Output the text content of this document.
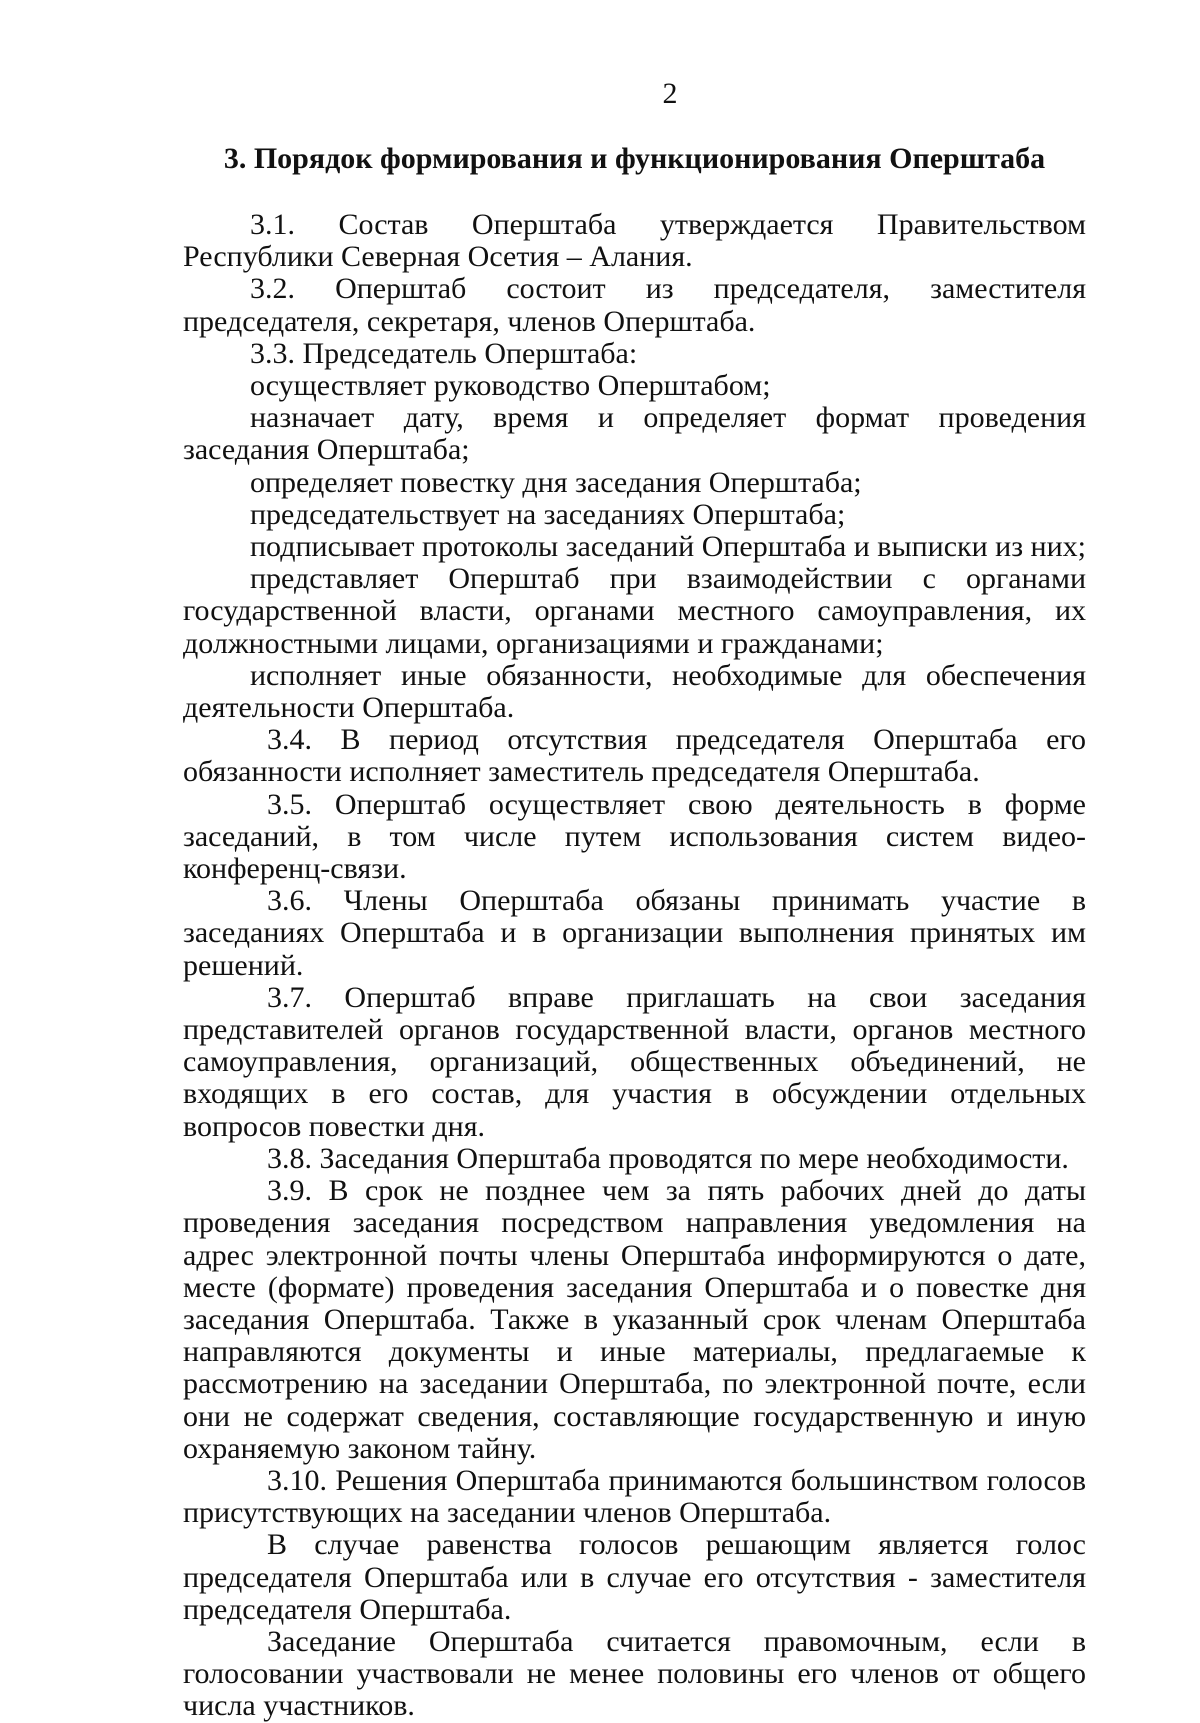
2
3. Порядок формирования и функционирования Оперштаба

3.1. Состав Оперштаба утверждается Правительством Республики Северная Осетия – Алания.

3.2. Оперштаб состоит из председателя, заместителя председателя, секретаря, членов Оперштаба.

3.3. Председатель Оперштаба:

осуществляет руководство Оперштабом;

назначает дату, время и определяет формат проведения заседания Оперштаба;

определяет повестку дня заседания Оперштаба;

председательствует на заседаниях Оперштаба;

подписывает протоколы заседаний Оперштаба и выписки из них;

представляет Оперштаб при взаимодействии с органами государственной власти, органами местного самоуправления, их должностными лицами, организациями и гражданами;

исполняет иные обязанности, необходимые для обеспечения деятельности Оперштаба.

3.4. В период отсутствия председателя Оперштаба его обязанности исполняет заместитель председателя Оперштаба.

3.5. Оперштаб осуществляет свою деятельность в форме заседаний, в том числе путем использования систем видео-конференц-связи.

3.6. Члены Оперштаба обязаны принимать участие в заседаниях Оперштаба и в организации выполнения принятых им решений.

3.7. Оперштаб вправе приглашать на свои заседания представителей органов государственной власти, органов местного самоуправления, организаций, общественных объединений, не входящих в его состав, для участия в обсуждении отдельных вопросов повестки дня.

3.8. Заседания Оперштаба проводятся по мере необходимости.

3.9. В срок не позднее чем за пять рабочих дней до даты проведения заседания посредством направления уведомления на адрес электронной почты члены Оперштаба информируются о дате, месте (формате) проведения заседания Оперштаба и о повестке дня заседания Оперштаба. Также в указанный срок членам Оперштаба направляются документы и иные материалы, предлагаемые к рассмотрению на заседании Оперштаба, по электронной почте, если они не содержат сведения, составляющие государственную и иную охраняемую законом тайну.

3.10. Решения Оперштаба принимаются большинством голосов присутствующих на заседании членов Оперштаба.

В случае равенства голосов решающим является голос председателя Оперштаба или в случае его отсутствия - заместителя председателя Оперштаба.

Заседание Оперштаба считается правомочным, если в голосовании участвовали не менее половины его членов от общего числа участников.
